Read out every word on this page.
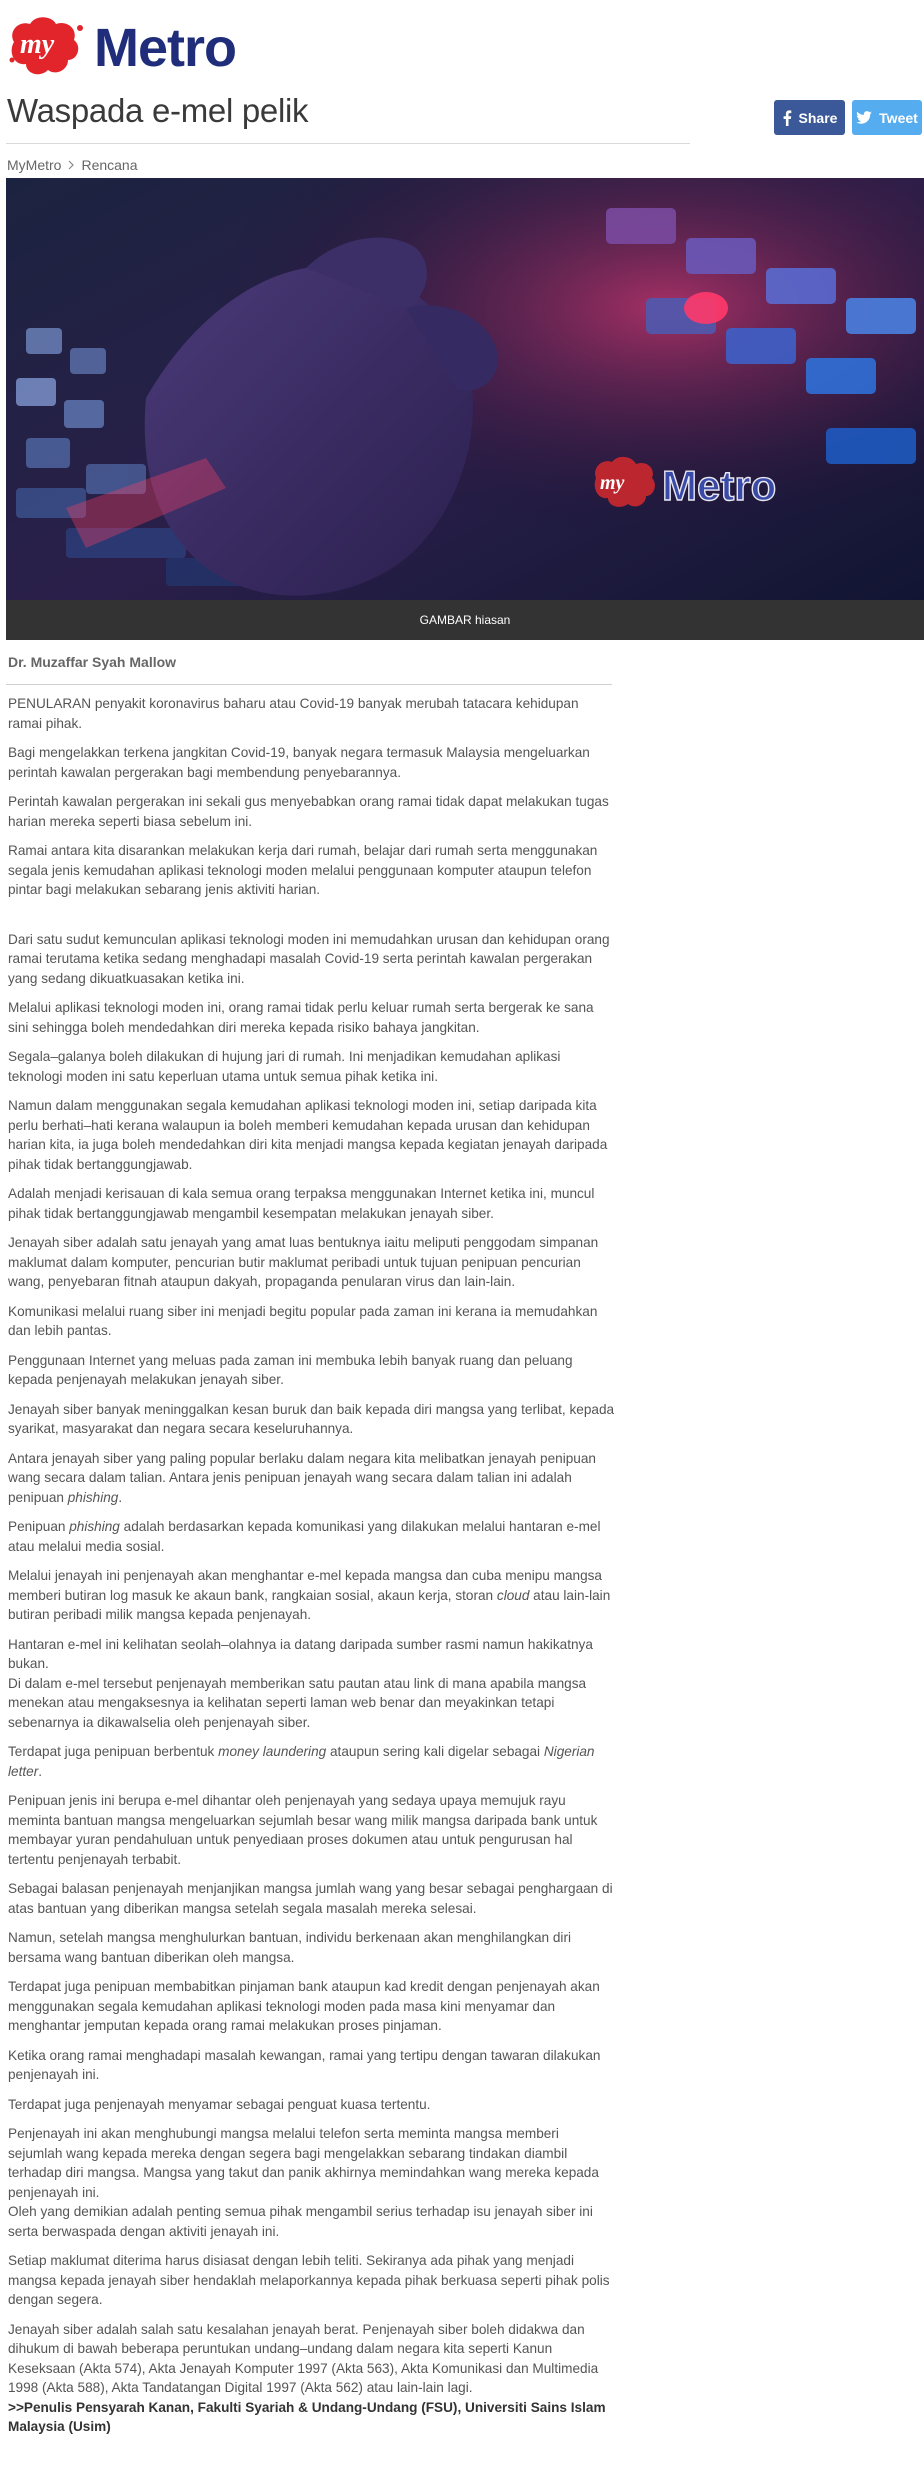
my Metro
Waspada e-mel pelik	Share	Tweet
MyMetro Rencana
my Metro
GAMBAR hiasan
Dr. Muzaffar Syah Mallow

PENULARAN penyakit koronavirus baharu atau Covid-19 banyak merubah tatacara kehidupan ramai pihak.

Bagi mengelakkan terkena jangkitan Covid-19, banyak negara termasuk Malaysia mengeluarkan perintah kawalan pergerakan bagi membendung penyebarannya.

Perintah kawalan pergerakan ini sekali gus menyebabkan orang ramai tidak dapat melakukan tugas harian mereka seperti biasa sebelum ini.

Ramai antara kita disarankan melakukan kerja dari rumah, belajar dari rumah serta menggunakan segala jenis kemudahan aplikasi teknologi moden melalui penggunaan komputer ataupun telefon pintar bagi melakukan sebarang jenis aktiviti harian.

Dari satu sudut kemunculan aplikasi teknologi moden ini memudahkan urusan dan kehidupan orang ramai terutama ketika sedang menghadapi masalah Covid-19 serta perintah kawalan pergerakan yang sedang dikuatkuasakan ketika ini.

Melalui aplikasi teknologi moden ini, orang ramai tidak perlu keluar rumah serta bergerak ke sana sini sehingga boleh mendedahkan diri mereka kepada risiko bahaya jangkitan.

Segala–galanya boleh dilakukan di hujung jari di rumah. Ini menjadikan kemudahan aplikasi teknologi moden ini satu keperluan utama untuk semua pihak ketika ini.

Namun dalam menggunakan segala kemudahan aplikasi teknologi moden ini, setiap daripada kita perlu berhati–hati kerana walaupun ia boleh memberi kemudahan kepada urusan dan kehidupan harian kita, ia juga boleh mendedahkan diri kita menjadi mangsa kepada kegiatan jenayah daripada pihak tidak bertanggungjawab.

Adalah menjadi kerisauan di kala semua orang terpaksa menggunakan Internet ketika ini, muncul pihak tidak bertanggungjawab mengambil kesempatan melakukan jenayah siber.

Jenayah siber adalah satu jenayah yang amat luas bentuknya iaitu meliputi penggodam simpanan maklumat dalam komputer, pencurian butir maklumat peribadi untuk tujuan penipuan pencurian wang, penyebaran fitnah ataupun dakyah, propaganda penularan virus dan lain-lain.

Komunikasi melalui ruang siber ini menjadi begitu popular pada zaman ini kerana ia memudahkan dan lebih pantas.

Penggunaan Internet yang meluas pada zaman ini membuka lebih banyak ruang dan peluang kepada penjenayah melakukan jenayah siber.

Jenayah siber banyak meninggalkan kesan buruk dan baik kepada diri mangsa yang terlibat, kepada syarikat, masyarakat dan negara secara keseluruhannya.

Antara jenayah siber yang paling popular berlaku dalam negara kita melibatkan jenayah penipuan wang secara dalam talian. Antara jenis penipuan jenayah wang secara dalam talian ini adalah penipuan phishing.

Penipuan phishing adalah berdasarkan kepada komunikasi yang dilakukan melalui hantaran e-mel atau melalui media sosial.

Melalui jenayah ini penjenayah akan menghantar e-mel kepada mangsa dan cuba menipu mangsa memberi butiran log masuk ke akaun bank, rangkaian sosial, akaun kerja, storan cloud atau lain-lain butiran peribadi milik mangsa kepada penjenayah.

Hantaran e-mel ini kelihatan seolah–olahnya ia datang daripada sumber rasmi namun hakikatnya bukan.

Di dalam e-mel tersebut penjenayah memberikan satu pautan atau link di mana apabila mangsa menekan atau mengaksesnya ia kelihatan seperti laman web benar dan meyakinkan tetapi sebenarnya ia dikawalselia oleh penjenayah siber.

Terdapat juga penipuan berbentuk money laundering ataupun sering kali digelar sebagai Nigerian letter.

Penipuan jenis ini berupa e-mel dihantar oleh penjenayah yang sedaya upaya memujuk rayu meminta bantuan mangsa mengeluarkan sejumlah besar wang milik mangsa daripada bank untuk membayar yuran pendahuluan untuk penyediaan proses dokumen atau untuk pengurusan hal tertentu penjenayah terbabit.

Sebagai balasan penjenayah menjanjikan mangsa jumlah wang yang besar sebagai penghargaan di atas bantuan yang diberikan mangsa setelah segala masalah mereka selesai.

Namun, setelah mangsa menghulurkan bantuan, individu berkenaan akan menghilangkan diri bersama wang bantuan diberikan oleh mangsa.

Terdapat juga penipuan membabitkan pinjaman bank ataupun kad kredit dengan penjenayah akan menggunakan segala kemudahan aplikasi teknologi moden pada masa kini menyamar dan menghantar jemputan kepada orang ramai melakukan proses pinjaman.

Ketika orang ramai menghadapi masalah kewangan, ramai yang tertipu dengan tawaran dilakukan penjenayah ini.

Terdapat juga penjenayah menyamar sebagai penguat kuasa tertentu.

Penjenayah ini akan menghubungi mangsa melalui telefon serta meminta mangsa memberi sejumlah wang kepada mereka dengan segera bagi mengelakkan sebarang tindakan diambil terhadap diri mangsa. Mangsa yang takut dan panik akhirnya memindahkan wang mereka kepada penjenayah ini.

Oleh yang demikian adalah penting semua pihak mengambil serius terhadap isu jenayah siber ini serta berwaspada dengan aktiviti jenayah ini.

Setiap maklumat diterima harus disiasat dengan lebih teliti. Sekiranya ada pihak yang menjadi mangsa kepada jenayah siber hendaklah melaporkannya kepada pihak berkuasa seperti pihak polis dengan segera.

Jenayah siber adalah salah satu kesalahan jenayah berat. Penjenayah siber boleh didakwa dan dihukum di bawah beberapa peruntukan undang–undang dalam negara kita seperti Kanun Keseksaan (Akta 574), Akta Jenayah Komputer 1997 (Akta 563), Akta Komunikasi dan Multimedia 1998 (Akta 588), Akta Tandatangan Digital 1997 (Akta 562) atau lain-lain lagi.

>>Penulis Pensyarah Kanan, Fakulti Syariah & Undang-Undang (FSU), Universiti Sains Islam Malaysia (Usim)
